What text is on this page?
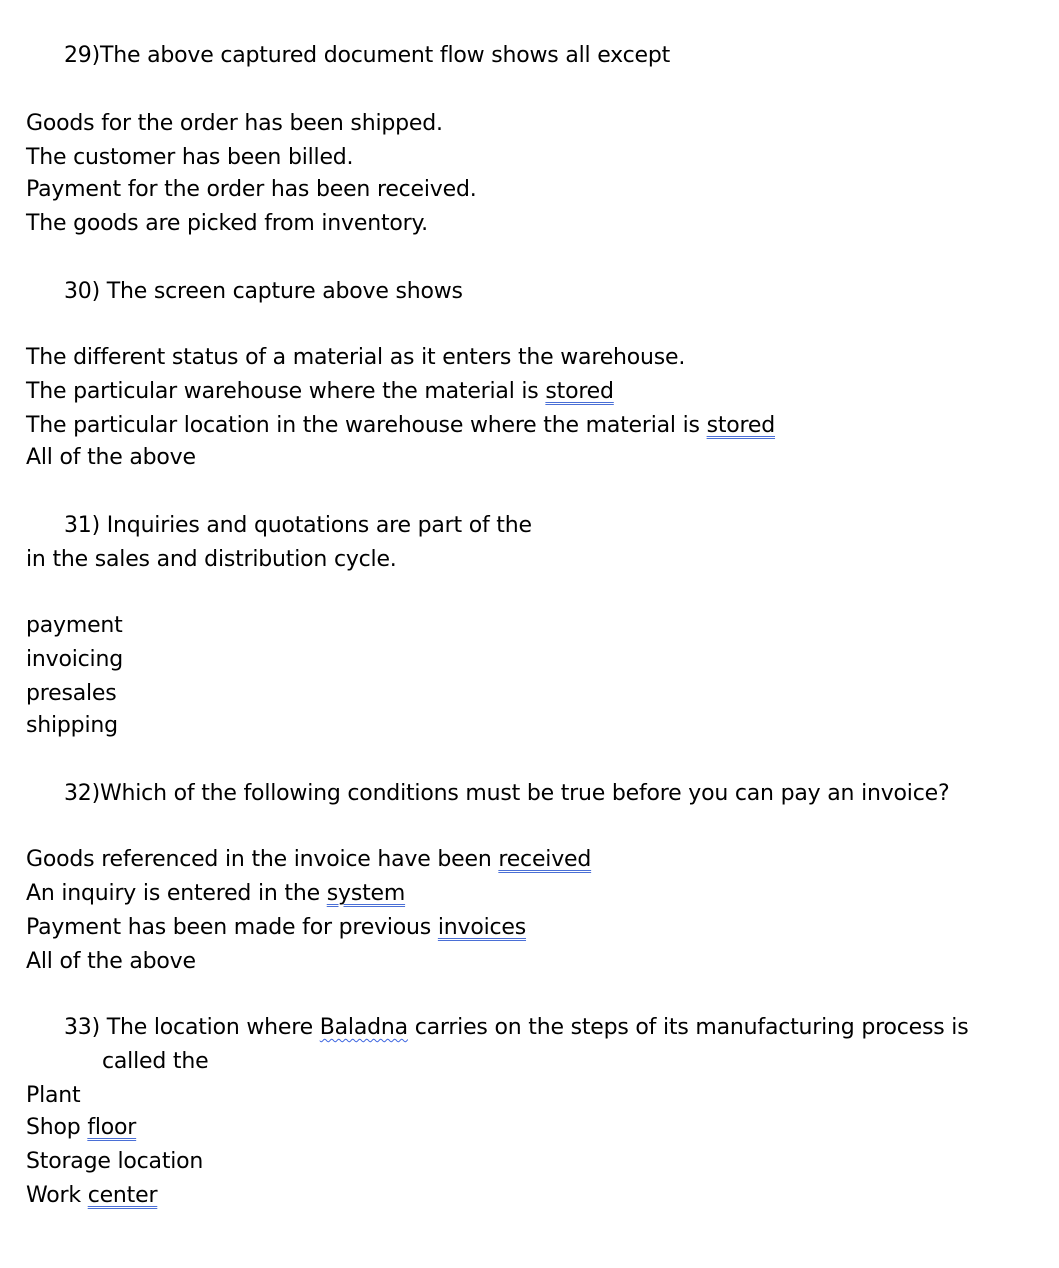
29)The above captured document flow shows all except
Goods for the order has been shipped.
The customer has been billed.
Payment for the order has been received.
The goods are picked from inventory.
30) The screen capture above shows
The different status of a material as it enters the warehouse.
The particular warehouse where the material is stored
The particular location in the warehouse where the material is stored
All of the above
31) Inquiries and quotations are part of the
in the sales and distribution cycle.
payment
invoicing
presales
shipping
32)Which of the following conditions must be true before you can pay an invoice?
Goods referenced in the invoice have been received
An inquiry is entered in the system
Payment has been made for previous invoices
All of the above
33) The location where Baladna carries on the steps of its manufacturing process is
called the
Plant
Shop floor
Storage location
Work center
